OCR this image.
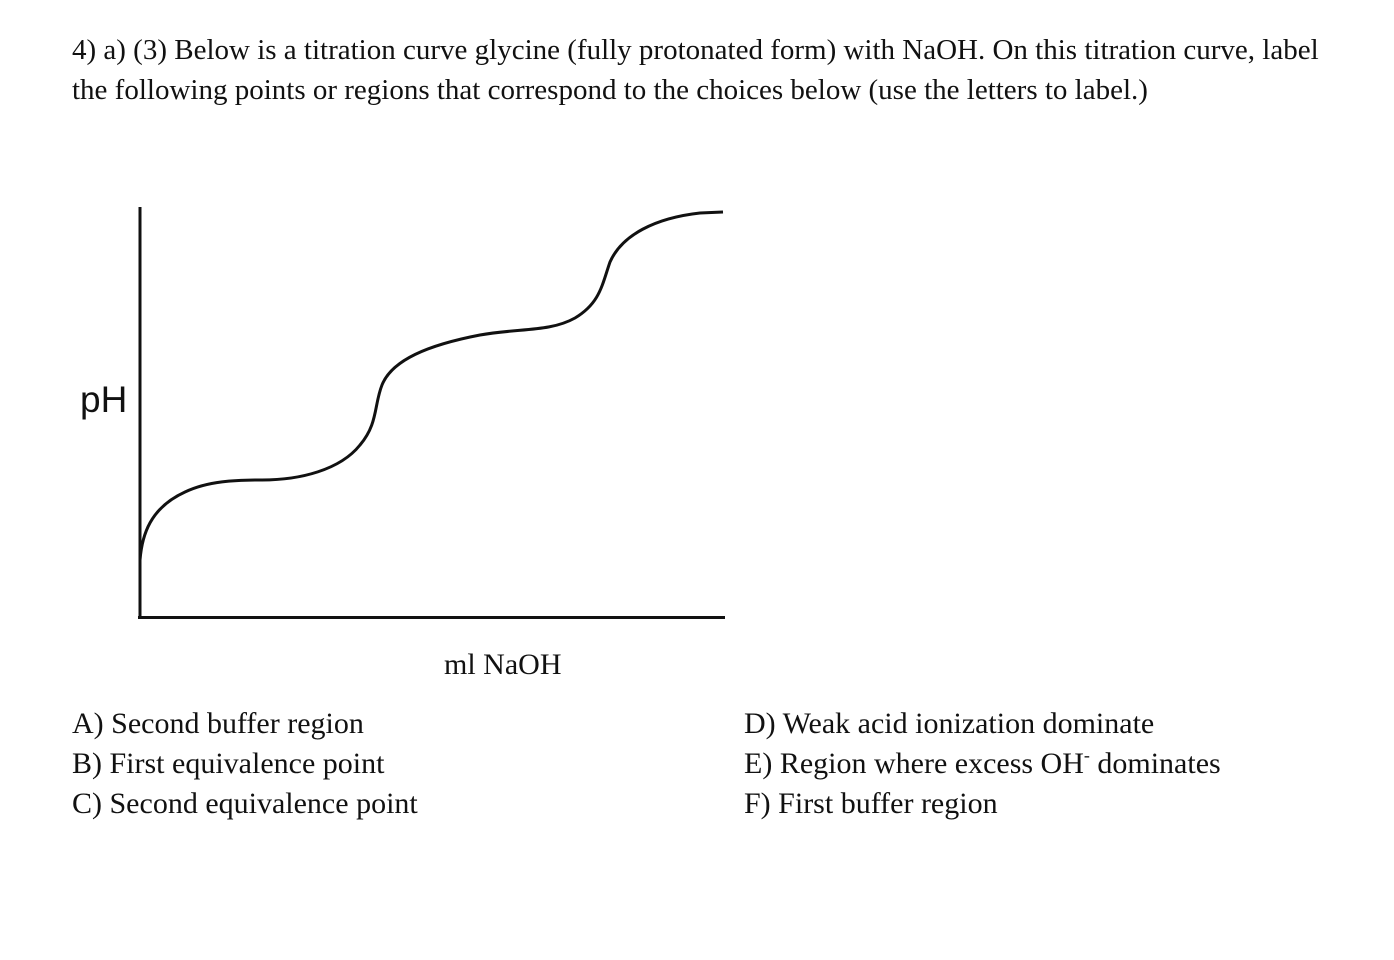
4) a) (3) Below is a titration curve glycine (fully protonated form) with NaOH. On this titration curve, label the following points or regions that correspond to the choices below (use the letters to label.)

pH
ml NaOH
A) Second buffer region
B) First equivalence point
C) Second equivalence point
D) Weak acid ionization dominate
E) Region where excess OH- dominates
F) First buffer region
